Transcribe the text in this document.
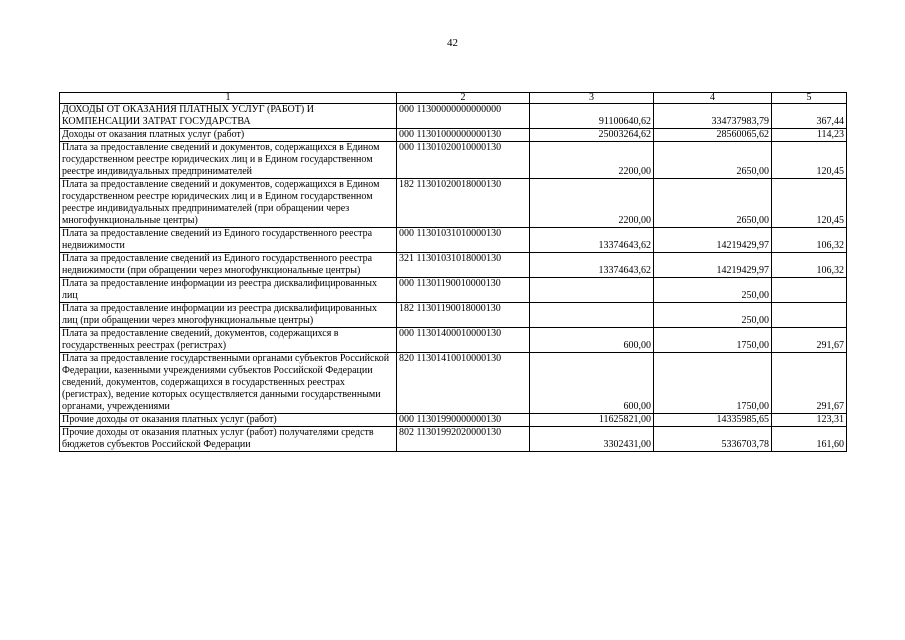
42
1	2	3	4	5
ДОХОДЫ ОТ ОКАЗАНИЯ ПЛАТНЫХ УСЛУГ (РАБОТ) И КОМПЕНСАЦИИ ЗАТРАТ ГОСУДАРСТВА	000 11300000000000000	91100640,62	334737983,79	367,44
Доходы от оказания платных услуг (работ)	000 11301000000000130	25003264,62	28560065,62	114,23
Плата за предоставление сведений и документов, содержащихся в Едином государственном реестре юридических лиц и в Едином государственном реестре индивидуальных предпринимателей	000 11301020010000130	2200,00	2650,00	120,45
Плата за предоставление сведений и документов, содержащихся в Едином государственном реестре юридических лиц и в Едином государственном реестре индивидуальных предпринимателей (при обращении через многофункциональные центры)	182 11301020018000130	2200,00	2650,00	120,45
Плата за предоставление сведений из Единого государственного реестра недвижимости	000 11301031010000130	13374643,62	14219429,97	106,32
Плата за предоставление сведений из Единого государственного реестра недвижимости (при обращении через многофункциональные центры)	321 11301031018000130	13374643,62	14219429,97	106,32
Плата за предоставление информации из реестра дисквалифицированных лиц	000 11301190010000130		250,00	
Плата за предоставление информации из реестра дисквалифицированных лиц (при обращении через многофункциональные центры)	182 11301190018000130		250,00	
Плата за предоставление сведений, документов, содержащихся в государственных реестрах (регистрах)	000 11301400010000130	600,00	1750,00	291,67
Плата за предоставление государственными органами субъектов Российской Федерации, казенными учреждениями субъектов Российской Федерации сведений, документов, содержащихся в государственных реестрах (регистрах), ведение которых осуществляется данными государственными органами, учреждениями	820 11301410010000130	600,00	1750,00	291,67
Прочие доходы от оказания платных услуг (работ)	000 11301990000000130	11625821,00	14335985,65	123,31
Прочие доходы от оказания платных услуг (работ) получателями средств бюджетов субъектов Российской Федерации	802 11301992020000130	3302431,00	5336703,78	161,60
